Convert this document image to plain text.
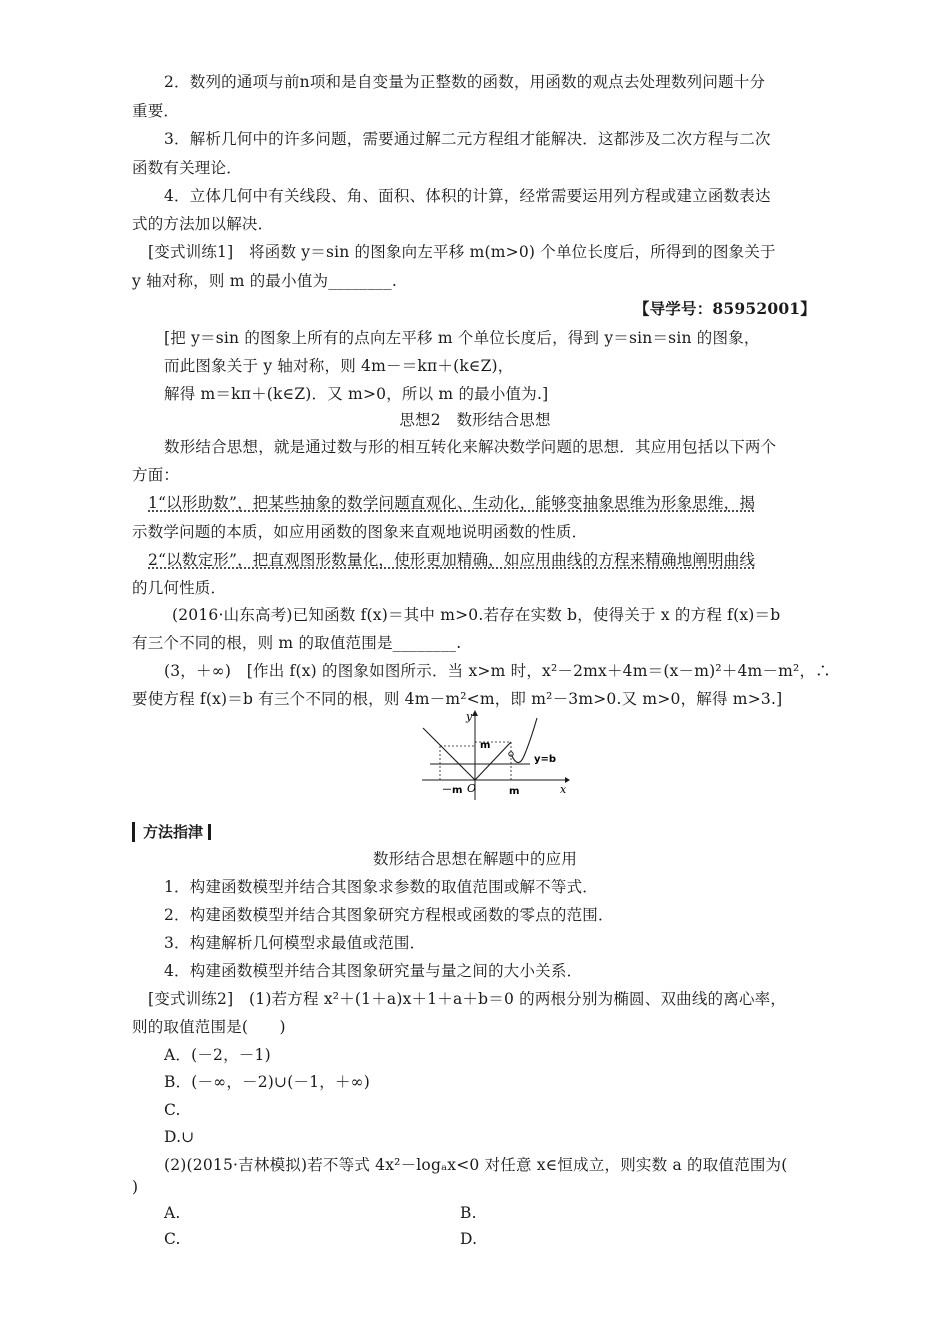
2．数列的通项与前n项和是自变量为正整数的函数，用函数的观点去处理数列问题十分
重要．
3．解析几何中的许多问题，需要通过解二元方程组才能解决．这都涉及二次方程与二次
函数有关理论．
4．立体几何中有关线段、角、面积、体积的计算，经常需要运用列方程或建立函数表达
式的方法加以解决．
[变式训练1]　将函数 y＝sin 的图象向左平移 m(m>0) 个单位长度后，所得到的图象关于
y 轴对称，则 m 的最小值为________.
【导学号：85952001】
[把 y＝sin 的图象上所有的点向左平移 m 个单位长度后，得到 y＝sin＝sin 的图象，
而此图象关于 y 轴对称，则 4m－＝kπ＋(k∈Z)，
解得 m＝kπ＋(k∈Z)．又 m>0，所以 m 的最小值为.]
思想2　数形结合思想
数形结合思想，就是通过数与形的相互转化来解决数学问题的思想．其应用包括以下两个
方面：
1“以形助数”，把某些抽象的数学问题直观化、生动化，能够变抽象思维为形象思维，揭
示数学问题的本质，如应用函数的图象来直观地说明函数的性质．
2“以数定形”，把直观图形数量化，使形更加精确，如应用曲线的方程来精确地阐明曲线
的几何性质．
(2016·山东高考)已知函数 f(x)＝其中 m>0.若存在实数 b，使得关于 x 的方程 f(x)＝b
有三个不同的根，则 m 的取值范围是________.
(3，＋∞)　[作出 f(x) 的图象如图所示．当 x>m 时，x²－2mx＋4m＝(x－m)²＋4m－m²，∴
要使方程 f(x)＝b 有三个不同的根，则 4m－m²<m，即 m²－3m>0.又 m>0，解得 m>3.]
y
x
O
m
－m	m
y=b
方法指津
数形结合思想在解题中的应用
1．构建函数模型并结合其图象求参数的取值范围或解不等式．
2．构建函数模型并结合其图象研究方程根或函数的零点的范围．
3．构建解析几何模型求最值或范围．
4．构建函数模型并结合其图象研究量与量之间的大小关系．
[变式训练2]　(1)若方程 x²＋(1＋a)x＋1＋a＋b＝0 的两根分别为椭圆、双曲线的离心率，
则的取值范围是(　　)
A．(－2，－1)
B．(－∞，－2)∪(－1，＋∞)
C.
D.∪
(2)(2015·吉林模拟)若不等式 4x²－logₐx<0 对任意 x∈恒成立，则实数 a 的取值范围为(
)
A.	B.
C.	D.
